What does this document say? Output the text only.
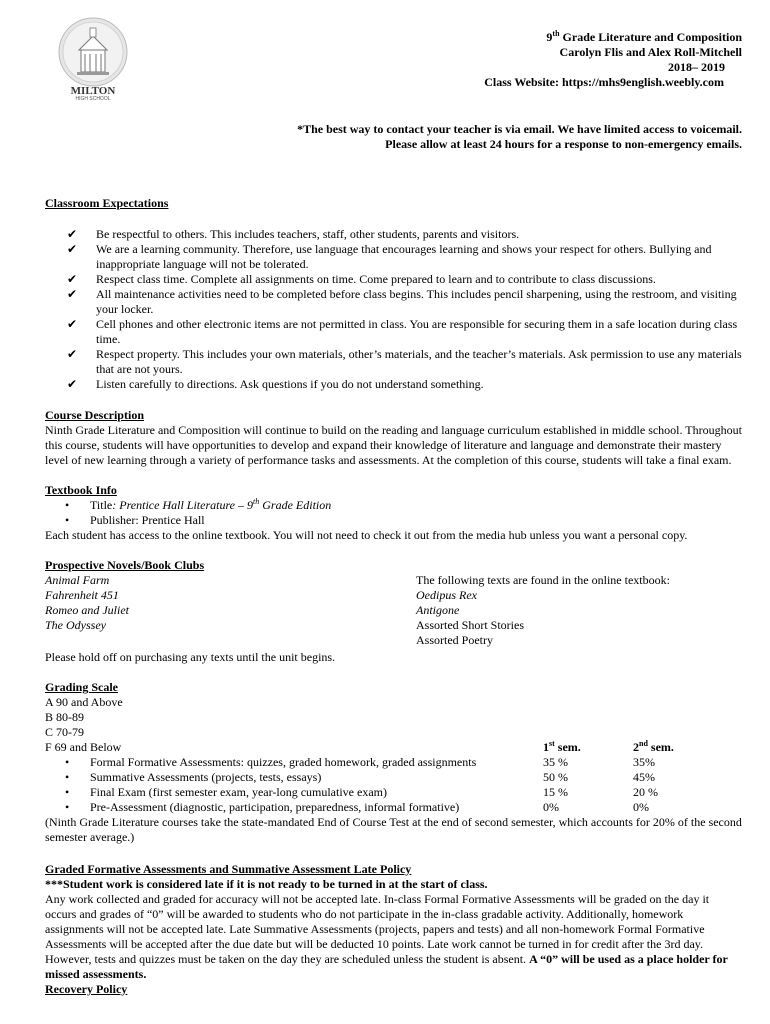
MILTON
HIGH SCHOOL
9th Grade Literature and Composition
Carolyn Flis and Alex Roll-Mitchell
2018– 2019
Class Website: https://mhs9english.weebly.com
*The best way to contact your teacher is via email. We have limited access to voicemail.
Please allow at least 24 hours for a response to non-emergency emails.
Classroom Expectations
✔ Be respectful to others. This includes teachers, staff, other students, parents and visitors.
✔ We are a learning community. Therefore, use language that encourages learning and shows your respect for others. Bullying and inappropriate language will not be tolerated.
✔ Respect class time. Complete all assignments on time. Come prepared to learn and to contribute to class discussions.
✔ All maintenance activities need to be completed before class begins. This includes pencil sharpening, using the restroom, and visiting your locker.
✔ Cell phones and other electronic items are not permitted in class. You are responsible for securing them in a safe location during class time.
✔ Respect property. This includes your own materials, other’s materials, and the teacher’s materials. Ask permission to use any materials that are not yours.
✔ Listen carefully to directions. Ask questions if you do not understand something.
Course Description
Ninth Grade Literature and Composition will continue to build on the reading and language curriculum established in middle school. Throughout this course, students will have opportunities to develop and expand their knowledge of literature and language and demonstrate their mastery level of new learning through a variety of performance tasks and assessments. At the completion of this course, students will take a final exam.
Textbook Info
• Title: Prentice Hall Literature – 9th Grade Edition
• Publisher: Prentice Hall
Each student has access to the online textbook. You will not need to check it out from the media hub unless you want a personal copy.
Prospective Novels/Book Clubs
Animal Farm
Fahrenheit 451
Romeo and Juliet
The Odyssey
The following texts are found in the online textbook:
Oedipus Rex
Antigone
Assorted Short Stories
Assorted Poetry
Please hold off on purchasing any texts until the unit begins.
Grading Scale
A 90 and Above
B 80-89
C 70-79
F 69 and Below	1st sem.	2nd sem.
• Formal Formative Assessments: quizzes, graded homework, graded assignments	35 %	35%
• Summative Assessments (projects, tests, essays)	50 %	45%
• Final Exam (first semester exam, year-long cumulative exam)	15 %	20 %
• Pre-Assessment (diagnostic, participation, preparedness, informal formative)	0%	0%
(Ninth Grade Literature courses take the state-mandated End of Course Test at the end of second semester, which accounts for 20% of the second semester average.)
Graded Formative Assessments and Summative Assessment Late Policy
***Student work is considered late if it is not ready to be turned in at the start of class.
Any work collected and graded for accuracy will not be accepted late. In-class Formal Formative Assessments will be graded on the day it occurs and grades of “0” will be awarded to students who do not participate in the in-class gradable activity. Additionally, homework assignments will not be accepted late. Late Summative Assessments (projects, papers and tests) and all non-homework Formal Formative Assessments will be accepted after the due date but will be deducted 10 points. Late work cannot be turned in for credit after the 3rd day. However, tests and quizzes must be taken on the day they are scheduled unless the student is absent. A “0” will be used as a place holder for missed assessments.
Recovery Policy
